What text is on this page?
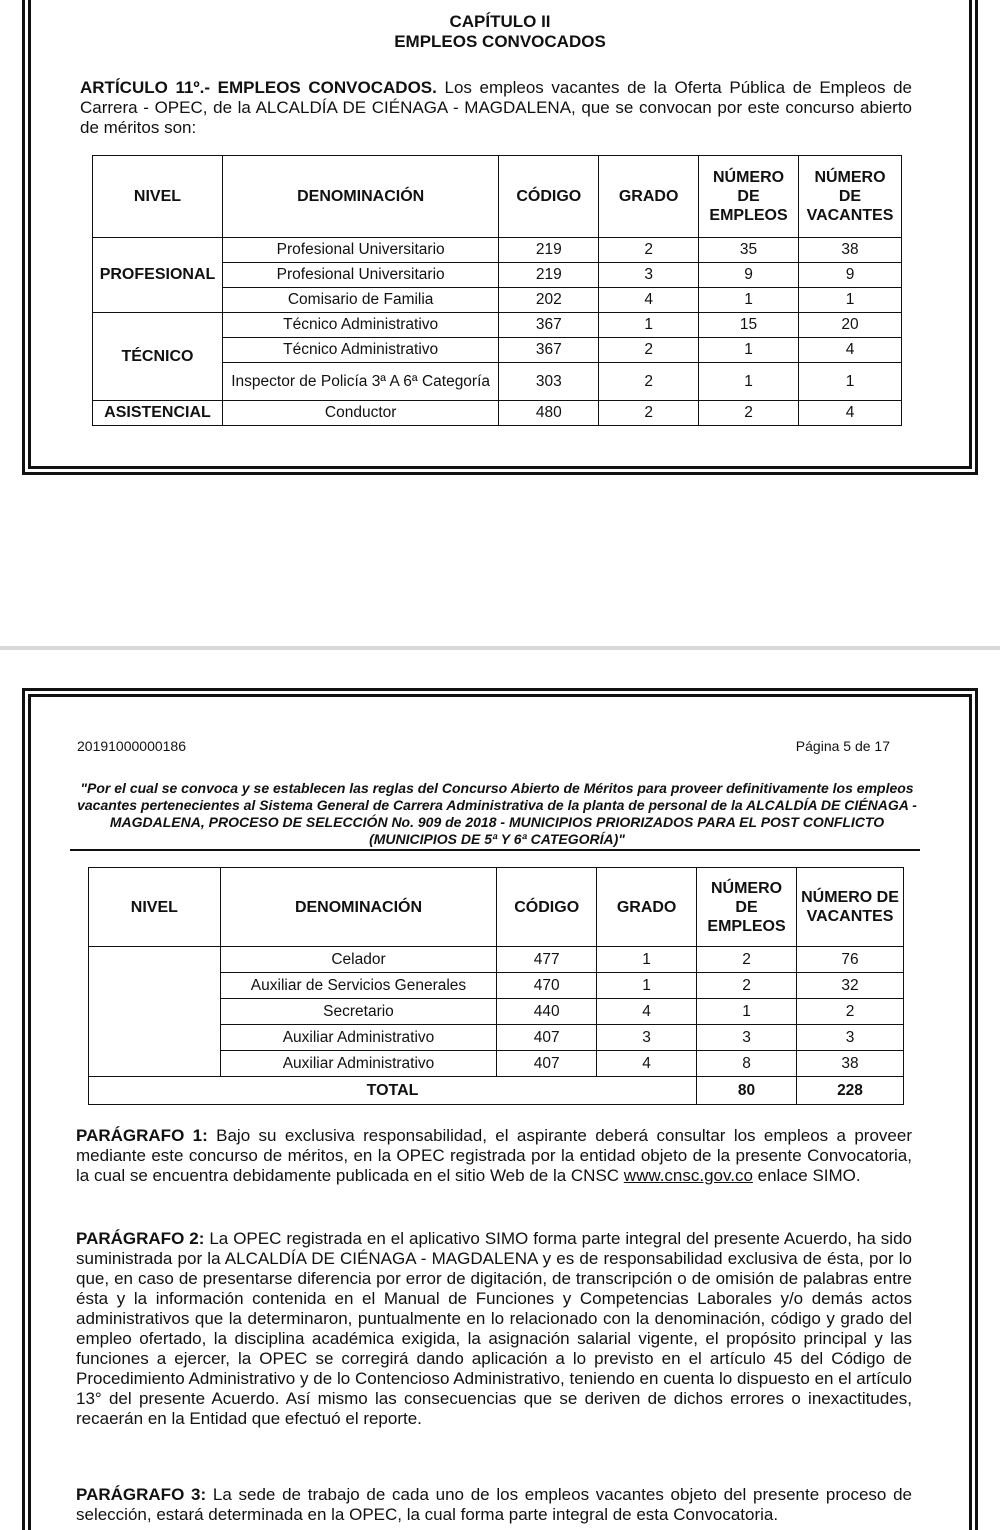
CAPÍTULO II
EMPLEOS CONVOCADOS

ARTÍCULO 11º.- EMPLEOS CONVOCADOS. Los empleos vacantes de la Oferta Pública de Empleos de Carrera - OPEC, de la ALCALDÍA DE CIÉNAGA - MAGDALENA, que se convocan por este concurso abierto de méritos son:

NIVEL	DENOMINACIÓN	CÓDIGO	GRADO	NÚMERO DE EMPLEOS	NÚMERO DE VACANTES
PROFESIONAL	Profesional Universitario	219	2	35	38
	Profesional Universitario	219	3	9	9
	Comisario de Familia	202	4	1	1
TÉCNICO	Técnico Administrativo	367	1	15	20
	Técnico Administrativo	367	2	1	4
	Inspector de Policía 3ª A 6ª Categoría	303	2	1	1
ASISTENCIAL	Conductor	480	2	2	4
20191000000186	Página 5 de 17
"Por el cual se convoca y se establecen las reglas del Concurso Abierto de Méritos para proveer definitivamente los empleos vacantes pertenecientes al Sistema General de Carrera Administrativa de la planta de personal de la ALCALDÍA DE CIÉNAGA - MAGDALENA, PROCESO DE SELECCIÓN No. 909 de 2018 - MUNICIPIOS PRIORIZADOS PARA EL POST CONFLICTO (MUNICIPIOS DE 5ª Y 6ª CATEGORÍA)"
NIVEL	DENOMINACIÓN	CÓDIGO	GRADO	NÚMERO DE EMPLEOS	NÚMERO DE VACANTES
	Celador	477	1	2	76
	Auxiliar de Servicios Generales	470	1	2	32
	Secretario	440	4	1	2
	Auxiliar Administrativo	407	3	3	3
	Auxiliar Administrativo	407	4	8	38
TOTAL				80	228

PARÁGRAFO 1: Bajo su exclusiva responsabilidad, el aspirante deberá consultar los empleos a proveer mediante este concurso de méritos, en la OPEC registrada por la entidad objeto de la presente Convocatoria, la cual se encuentra debidamente publicada en el sitio Web de la CNSC www.cnsc.gov.co enlace SIMO.

PARÁGRAFO 2: La OPEC registrada en el aplicativo SIMO forma parte integral del presente Acuerdo, ha sido suministrada por la ALCALDÍA DE CIÉNAGA - MAGDALENA y es de responsabilidad exclusiva de ésta, por lo que, en caso de presentarse diferencia por error de digitación, de transcripción o de omisión de palabras entre ésta y la información contenida en el Manual de Funciones y Competencias Laborales y/o demás actos administrativos que la determinaron, puntualmente en lo relacionado con la denominación, código y grado del empleo ofertado, la disciplina académica exigida, la asignación salarial vigente, el propósito principal y las funciones a ejercer, la OPEC se corregirá dando aplicación a lo previsto en el artículo 45 del Código de Procedimiento Administrativo y de lo Contencioso Administrativo, teniendo en cuenta lo dispuesto en el artículo 13° del presente Acuerdo. Así mismo las consecuencias que se deriven de dichos errores o inexactitudes, recaerán en la Entidad que efectuó el reporte.

PARÁGRAFO 3: La sede de trabajo de cada uno de los empleos vacantes objeto del presente proceso de selección, estará determinada en la OPEC, la cual forma parte integral de esta Convocatoria.
